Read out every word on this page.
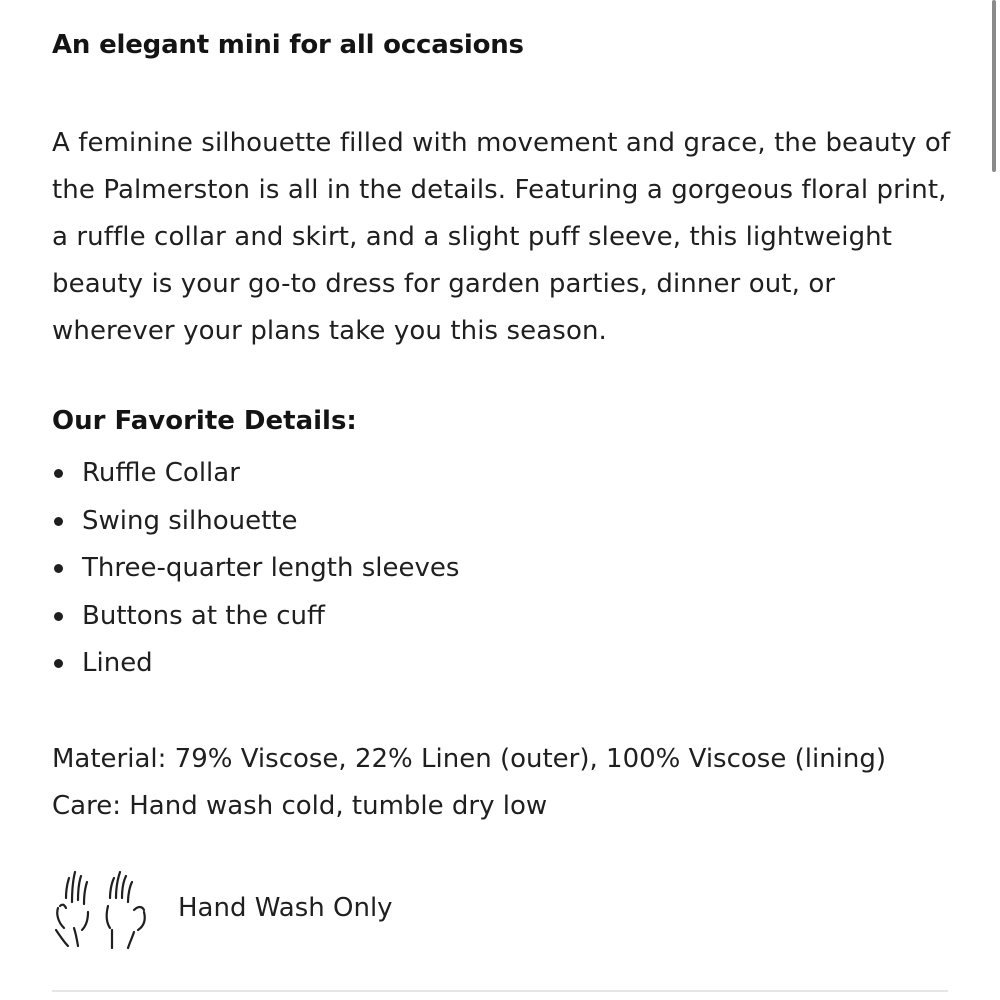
An elegant mini for all occasions

A feminine silhouette filled with movement and grace, the beauty of the Palmerston is all in the details. Featuring a gorgeous floral print, a ruffle collar and skirt, and a slight puff sleeve, this lightweight beauty is your go-to dress for garden parties, dinner out, or wherever your plans take you this season.

Our Favorite Details:
Ruffle Collar
Swing silhouette
Three-quarter length sleeves
Buttons at the cuff
Lined
Material: 79% Viscose, 22% Linen (outer), 100% Viscose (lining)
Care: Hand wash cold, tumble dry low
Hand Wash Only
